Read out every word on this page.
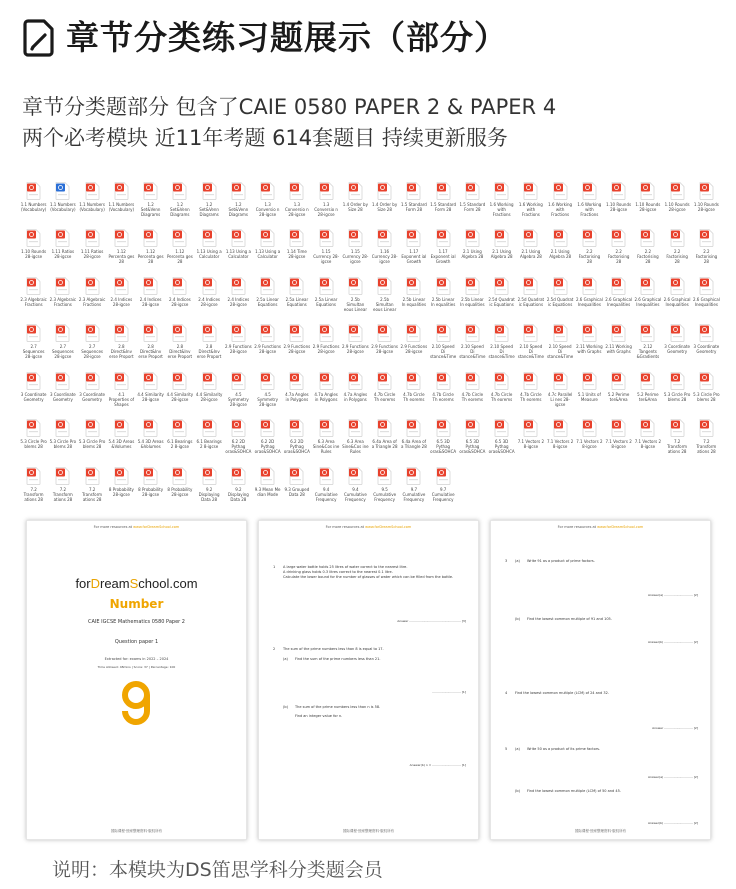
章节分类练习题展示（部分）
章节分类题部分 包含了CAIE 0580 PAPER 2 & PAPER 4
两个必考模块 近11年考题 614套题目 持续更新服务
1.1 Numbers (Vocabulary)
1.1 Numbers (Vocabulary)
1.1 Numbers (Vocabulary)
1.1 Numbers (Vocabulary)
1.2 Set&Venn Diagrams
1.2 Set&Venn Diagrams
1.2 Set&Venn Diagrams
1.2 Set&Venn Diagrams
1.3 Conversio n 28-igcse
1.3 Conversio n 28-igcse
1.3 Conversio n 28-igcse
1.4 Order by Size 28
1.4 Order by Size 28
1.5 Standard Form 28
1.5 Standard Form 28
1.5 Standard Form 28
1.6 Working with Fractions
1.6 Working with Fractions
1.6 Working with Fractions
1.6 Working with Fractions
1.10 Rounds 28-igcse
1.10 Rounds 28-igcse
1.10 Rounds 28-igcse
1.10 Rounds 28-igcse
1.10 Rounds 28-igcse
1.11 Ratios 28-igcse
1.11 Ratios 28-igcse
1.12 Percenta ges 28
1.12 Percenta ges 28
1.12 Percenta ges 28
1.13 Using a Calculator
1.13 Using a Calculator
1.13 Using a Calculator
1.14 Time 28-igcse
1.15 Currency 28-igcse
1.15 Currency 28-igcse
1.16 Currency 28-igcse
1.17 Exponent ial Growth
1.17 Exponent ial Growth
2.1 Using Algebra 28
2.1 Using Algebra 28
2.1 Using Algebra 28
2.1 Using Algebra 28
2.2 Factorising 28
2.2 Factorising 28
2.2 Factorising 28
2.2 Factorising 28
2.2 Factorising 28
2.3 Algebraic Fractions
2.3 Algebraic Fractions
2.3 Algebraic Fractions
2.4 Indices 28-igcse
2.4 Indices 28-igcse
2.4 Indices 28-igcse
2.4 Indices 28-igcse
2.4 Indices 28-igcse
2.5a Linear Equations
2.5a Linear Equations
2.5a Linear Equations
2.5b Simultan eous Linear
2.5b Simultan eous Linear
2.5b Linear In equalities
2.5b Linear In equalities
2.5b Linear In equalities
2.5d Quadrat ic Equations
2.5d Quadrat ic Equations
2.5d Quadrat ic Equations
2.6 Graphical Inequalities
2.6 Graphical Inequalities
2.6 Graphical Inequalities
2.6 Graphical Inequalities
2.6 Graphical Inequalities
2.7 Sequences 28-igcse
2.7 Sequences 28-igcse
2.7 Sequences 28-igcse
2.8 Direct&Inv erse Proport
2.8 Direct&Inv erse Proport
2.8 Direct&Inv erse Proport
2.8 Direct&Inv erse Proport
2.9 Functions 28-igcse
2.9 Functions 28-igcse
2.9 Functions 28-igcse
2.9 Functions 28-igcse
2.9 Functions 28-igcse
2.9 Functions 28-igcse
2.9 Functions 28-igcse
2.10 Speed Di stance&Time
2.10 Speed Di stance&Time
2.10 Speed Di stance&Time
2.10 Speed Di stance&Time
2.10 Speed Di stance&Time
2.11 Working with Graphs
2.11 Working with Graphs
2.12 Tangents &Gradients
3 Coordinate Geometry
3 Coordinate Geometry
3 Coordinate Geometry
3 Coordinate Geometry
3 Coordinate Geometry
4.1 Properties of Shapes
4.4 Similarity 28-igcse
4.4 Similarity 28-igcse
4.4 Similarity 28-igcse
4.5 Symmetry 28-igcse
4.5 Symmetry 28-igcse
4.7a Angles in Polygons
4.7a Angles in Polygons
4.7a Angles in Polygons
4.7b Circle Th eorems
4.7b Circle Th eorems
4.7b Circle Th eorems
4.7b Circle Th eorems
4.7b Circle Th eorems
4.7b Circle Th eorems
4.7c Parallel Li nes 28-igcse
5.1 Units of Measure
5.2 Perime ter&Area
5.2 Perime ter&Area
5.3 Circle Pro blems 28
5.3 Circle Pro blems 28
5.3 Circle Pro blems 28
5.3 Circle Pro blems 28
5.3 Circle Pro blems 28
5.4 3D Areas &Volumes
5.4 3D Areas &Volumes
6.1 Bearings 2 8-igcse
6.1 Bearings 2 8-igcse
6.2 2D Pythag oras&SOHCA
6.2 2D Pythag oras&SOHCA
6.2 2D Pythag oras&SOHCA
6.3 Area Sine&Cos ine Rules
6.3 Area Sine&Cos ine Rules
6.4a Area of a Triangle 28
6.4a Area of a Triangle 28
6.5 3D Pythag oras&SOHCA
6.5 3D Pythag oras&SOHCA
6.5 3D Pythag oras&SOHCA
7.1 Vectors 2 8-igcse
7.1 Vectors 2 8-igcse
7.1 Vectors 2 8-igcse
7.1 Vectors 2 8-igcse
7.1 Vectors 2 8-igcse
7.2 Transform ations 28
7.2 Transform ations 28
7.2 Transform ations 28
7.2 Transform ations 28
7.2 Transform ations 28
8 Probability 28-igcse
8 Probability 28-igcse
8 Probability 28-igcse
9.2 Displaying Data 28
9.2 Displaying Data 28
9.3 Mean Me dian Mode
9.3 Grouped Data 28
9.4 Cumulative Frequency
9.4 Cumulative Frequency
9.5 Cumulative Frequency
9.7 Cumulative Frequency
9.7 Cumulative Frequency
For more resources at www.forDreamSchool.com
forDreamSchool.com
Number
CAIE IGCSE Mathematics 0580 Paper 2
Question paper 1
Extracted for: exams in 2022 – 2024
Time Allowed: 48mins | Score: 37 | Percentage: 100
国际课程·独家整理资料·版权所有
For more resources at www.forDreamSchool.com
1 A large water bottle holds 25 litres of water correct to the nearest litre.
A drinking glass holds 0.3 litres correct to the nearest 0.1 litre.
Calculate the lower bound for the number of glasses of water which can be filled from the bottle.
Answer ...................................................... [3]
2 The sum of the prime numbers less than 8 is equal to 17.
(a) Find the sum of the prime numbers less than 21.
.............................. [1]
(b) The sum of the prime numbers less than n is 58.
Find an integer value for n.
Answer(b) n = .............................. [1]
国际课程·独家整理资料·版权所有
For more resources at www.forDreamSchool.com
3 (a) Write 91 as a product of prime factors.
Answer(a) .............................. [2]
(b) Find the lowest common multiple of 91 and 105.
Answer(b) .............................. [2]
4 Find the lowest common multiple (LCM) of 24 and 32.
Answer .............................. [2]
5 (a) Write 50 as a product of its prime factors.
Answer(a) .............................. [2]
(b) Find the lowest common multiple (LCM) of 50 and 45.
Answer(b) .............................. [2]
国际课程·独家整理资料·版权所有
说明：本模块为DS笛思学科分类题会员
